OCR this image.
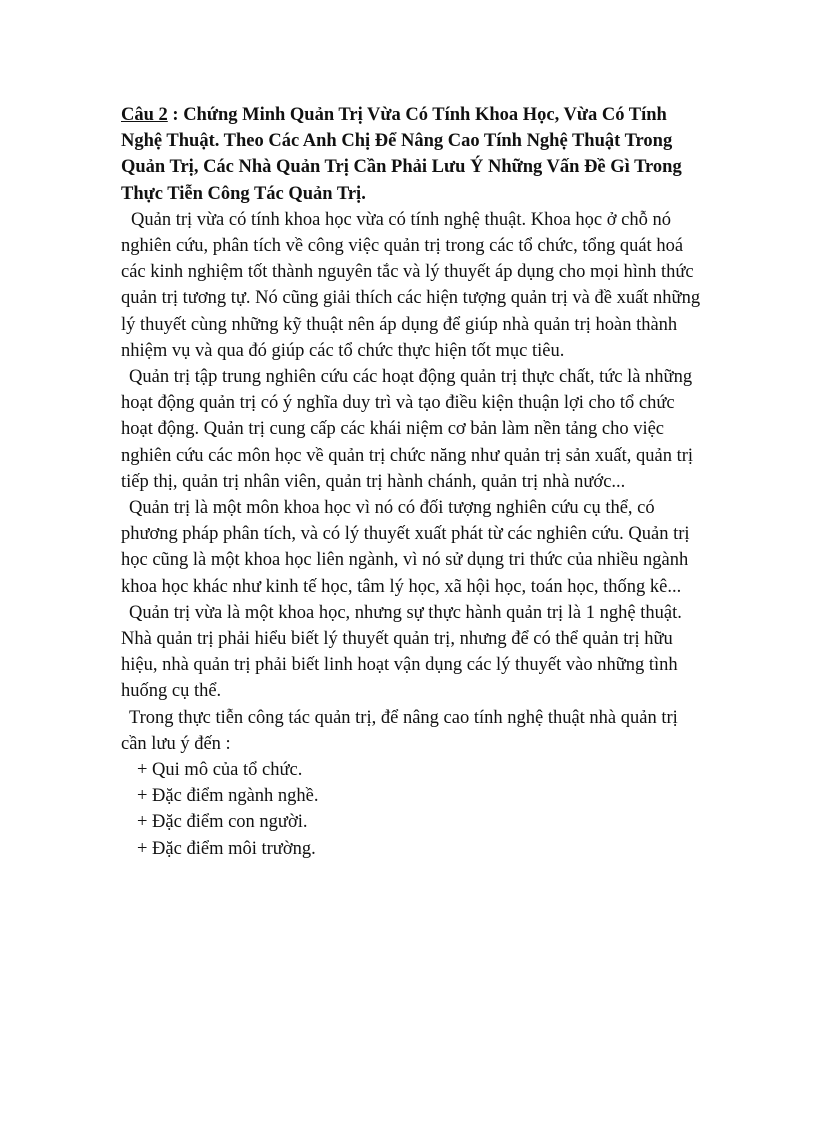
Câu 2 : Chứng Minh Quản Trị Vừa Có Tính Khoa Học, Vừa Có Tính Nghệ Thuật. Theo Các Anh Chị Để Nâng Cao Tính Nghệ Thuật Trong Quản Trị, Các Nhà Quản Trị Cần Phải Lưu Ý Những Vấn Đề Gì Trong Thực Tiễn Công Tác Quản Trị.

Quản trị vừa có tính khoa học vừa có tính nghệ thuật. Khoa học ở chỗ nó nghiên cứu, phân tích về công việc quản trị trong các tổ chức, tổng quát hoá các kinh nghiệm tốt thành nguyên tắc và lý thuyết áp dụng cho mọi hình thức quản trị tương tự. Nó cũng giải thích các hiện tượng quản trị và đề xuất những lý thuyết cùng những kỹ thuật nên áp dụng để giúp nhà quản trị hoàn thành nhiệm vụ và qua đó giúp các tổ chức thực hiện tốt mục tiêu.

Quản trị tập trung nghiên cứu các hoạt động quản trị thực chất, tức là những hoạt động quản trị có ý nghĩa duy trì và tạo điều kiện thuận lợi cho tổ chức hoạt động. Quản trị cung cấp các khái niệm cơ bản làm nền tảng cho việc nghiên cứu các môn học về quản trị chức năng như quản trị sản xuất, quản trị tiếp thị, quản trị nhân viên, quản trị hành chánh, quản trị nhà nước...

Quản trị là một môn khoa học vì nó có đối tượng nghiên cứu cụ thể, có phương pháp phân tích, và có lý thuyết xuất phát từ các nghiên cứu. Quản trị học cũng là một khoa học liên ngành, vì nó sử dụng tri thức của nhiều ngành khoa học khác như kinh tế học, tâm lý học, xã hội học, toán học, thống kê...

Quản trị vừa là một khoa học, nhưng sự thực hành quản trị là 1 nghệ thuật. Nhà quản trị phải hiểu biết lý thuyết quản trị, nhưng để có thể quản trị hữu hiệu, nhà quản trị phải biết linh hoạt vận dụng các lý thuyết vào những tình huống cụ thể.

Trong thực tiễn công tác quản trị, để nâng cao tính nghệ thuật nhà quản trị cần lưu ý đến :

+ Qui mô của tổ chức.
+ Đặc điểm ngành nghề.
+ Đặc điểm con người.
+ Đặc điểm môi trường.
